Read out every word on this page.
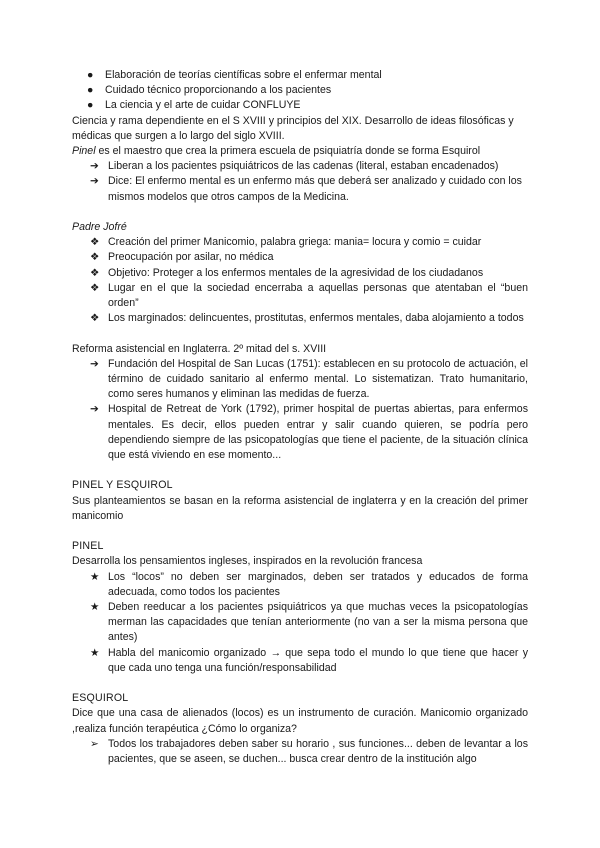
● Elaboración de teorías científicas sobre el enfermar mental
● Cuidado técnico proporcionando a los pacientes
● La ciencia y el arte de cuidar CONFLUYE

Ciencia y rama dependiente en el S XVIII y principios del XIX. Desarrollo de ideas filosóficas y médicas que surgen a lo largo del siglo XVIII.

Pinel es el maestro que crea la primera escuela de psiquiatría donde se forma Esquirol

➔ Liberan a los pacientes psiquiátricos de las cadenas (literal, estaban encadenados)
➔ Dice: El enfermo mental es un enfermo más que deberá ser analizado y cuidado con los mismos modelos que otros campos de la Medicina.

Padre Jofré

❖ Creación del primer Manicomio, palabra griega: mania= locura y comio = cuidar
❖ Preocupación por asilar, no médica
❖ Objetivo: Proteger a los enfermos mentales de la agresividad de los ciudadanos
❖ Lugar en el que la sociedad encerraba a aquellas personas que atentaban el “buen orden”
❖ Los marginados: delincuentes, prostitutas, enfermos mentales, daba alojamiento a todos

Reforma asistencial en Inglaterra. 2º mitad del s. XVIII

➔ Fundación del Hospital de San Lucas (1751): establecen en su protocolo de actuación, el término de cuidado sanitario al enfermo mental. Lo sistematizan. Trato humanitario, como seres humanos y eliminan las medidas de fuerza.
➔ Hospital de Retreat de York (1792), primer hospital de puertas abiertas, para enfermos mentales. Es decir, ellos pueden entrar y salir cuando quieren, se podría pero dependiendo siempre de las psicopatologías que tiene el paciente, de la situación clínica que está viviendo en ese momento...

PINEL Y ESQUIROL

Sus planteamientos se basan en la reforma asistencial de inglaterra y en la creación del primer manicomio

PINEL

Desarrolla los pensamientos ingleses, inspirados en la revolución francesa

★ Los “locos” no deben ser marginados, deben ser tratados y educados de forma adecuada, como todos los pacientes
★ Deben reeducar a los pacientes psiquiátricos ya que muchas veces la psicopatologías merman las capacidades que tenían anteriormente (no van a ser la misma persona que antes)
★ Habla del manicomio organizado → que sepa todo el mundo lo que tiene que hacer y que cada uno tenga una función/responsabilidad

ESQUIROL

Dice que una casa de alienados (locos) es un instrumento de curación. Manicomio organizado ,realiza función terapéutica ¿Cómo lo organiza?

➢ Todos los trabajadores deben saber su horario , sus funciones... deben de levantar a los pacientes, que se aseen, se duchen... busca crear dentro de la institución algo
